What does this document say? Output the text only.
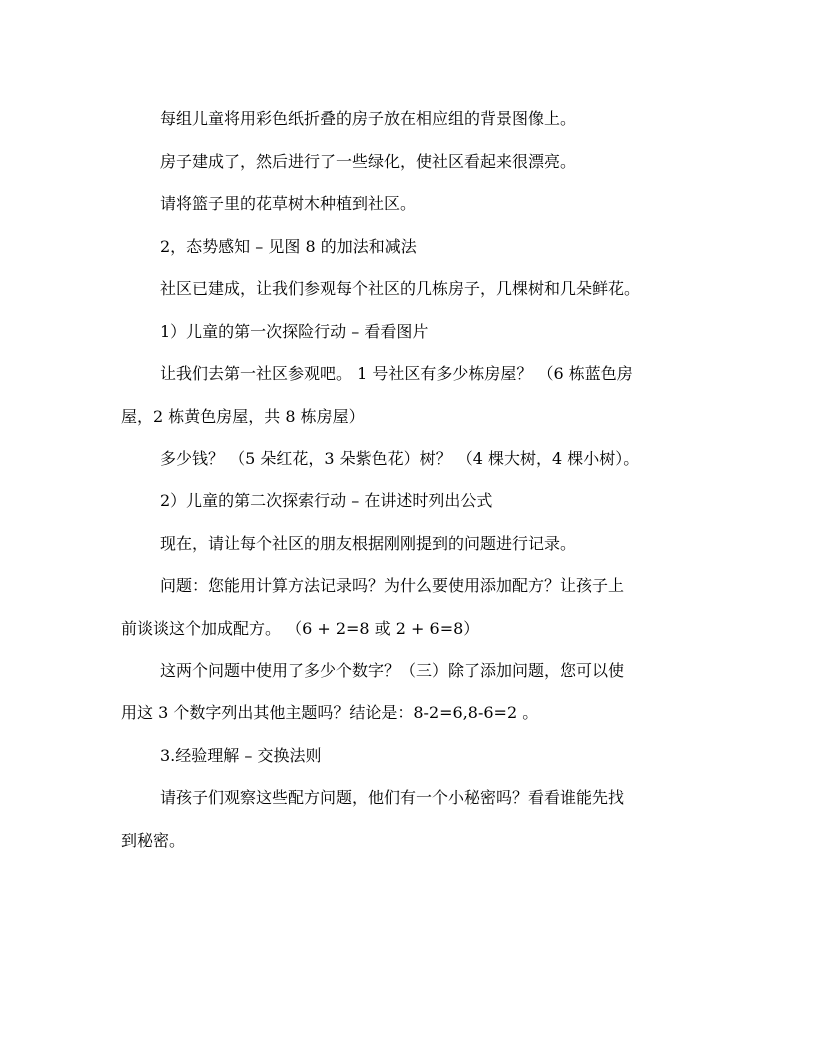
每组儿童将用彩色纸折叠的房子放在相应组的背景图像上。
房子建成了，然后进行了一些绿化，使社区看起来很漂亮。
请将篮子里的花草树木种植到社区。
2，态势感知 – 见图 8 的加法和减法
社区已建成，让我们参观每个社区的几栋房子，几棵树和几朵鲜花。
1）儿童的第一次探险行动 – 看看图片
让我们去第一社区参观吧。 1 号社区有多少栋房屋？ （6 栋蓝色房
屋，2 栋黄色房屋，共 8 栋房屋）
多少钱？ （5 朵红花，3 朵紫色花）树？ （4 棵大树，4 棵小树）。
2）儿童的第二次探索行动 – 在讲述时列出公式
现在，请让每个社区的朋友根据刚刚提到的问题进行记录。
问题：您能用计算方法记录吗？为什么要使用添加配方？让孩子上
前谈谈这个加成配方。 （6 + 2=8 或 2 + 6=8）
这两个问题中使用了多少个数字？（三）除了添加问题，您可以使
用这 3 个数字列出其他主题吗？结论是：8-2=6,8-6=2 。
3.经验理解 – 交换法则
请孩子们观察这些配方问题，他们有一个小秘密吗？看看谁能先找
到秘密。
